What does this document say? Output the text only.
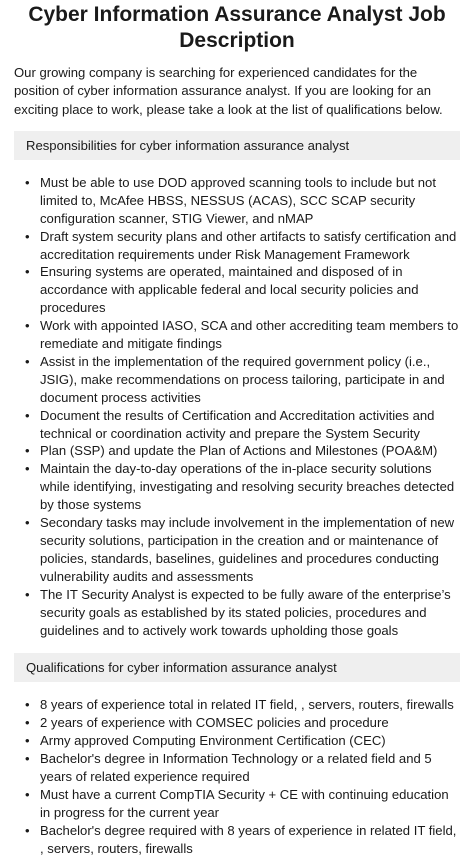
Cyber Information Assurance Analyst Job Description

Our growing company is searching for experienced candidates for the position of cyber information assurance analyst. If you are looking for an exciting place to work, please take a look at the list of qualifications below.

Responsibilities for cyber information assurance analyst
• Must be able to use DOD approved scanning tools to include but not limited to, McAfee HBSS, NESSUS (ACAS), SCC SCAP security configuration scanner, STIG Viewer, and nMAP
• Draft system security plans and other artifacts to satisfy certification and accreditation requirements under Risk Management Framework
• Ensuring systems are operated, maintained and disposed of in accordance with applicable federal and local security policies and procedures
• Work with appointed IASO, SCA and other accrediting team members to remediate and mitigate findings
• Assist in the implementation of the required government policy (i.e., JSIG), make recommendations on process tailoring, participate in and document process activities
• Document the results of Certification and Accreditation activities and technical or coordination activity and prepare the System Security
• Plan (SSP) and update the Plan of Actions and Milestones (POA&M)
• Maintain the day-to-day operations of the in-place security solutions while identifying, investigating and resolving security breaches detected by those systems
• Secondary tasks may include involvement in the implementation of new security solutions, participation in the creation and or maintenance of policies, standards, baselines, guidelines and procedures conducting vulnerability audits and assessments
• The IT Security Analyst is expected to be fully aware of the enterprise’s security goals as established by its stated policies, procedures and guidelines and to actively work towards upholding those goals
Qualifications for cyber information assurance analyst
• 8 years of experience total in related IT field, , servers, routers, firewalls
• 2 years of experience with COMSEC policies and procedure
• Army approved Computing Environment Certification (CEC)
• Bachelor's degree in Information Technology or a related field and 5 years of related experience required
• Must have a current CompTIA Security + CE with continuing education in progress for the current year
• Bachelor's degree required with 8 years of experience in related IT field, , servers, routers, firewalls
